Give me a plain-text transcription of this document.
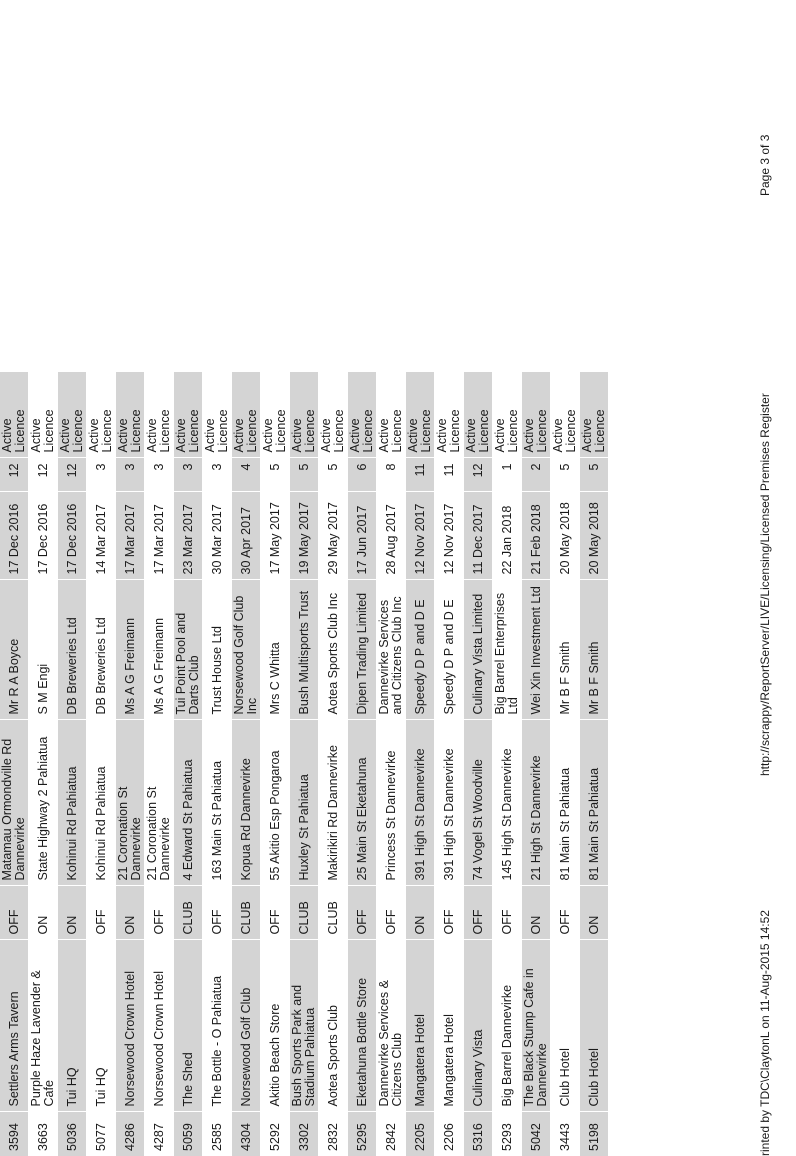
3594	Settlers Arms Tavern	OFF	Matamau Ormondville Rd Dannevirke	Mr R A Boyce	17 Dec 2016	12	Active Licence
3663	Purple Haze Lavender & Cafe	ON	State Highway 2 Pahiatua	S M Engi	17 Dec 2016	12	Active Licence
5036	Tui HQ	ON	Kohinui Rd Pahiatua	DB Breweries Ltd	17 Dec 2016	12	Active Licence
5077	Tui HQ	OFF	Kohinui Rd Pahiatua	DB Breweries Ltd	14 Mar 2017	3	Active Licence
4286	Norsewood Crown Hotel	ON	21 Coronation St Dannevirke	Ms A G Freimann	17 Mar 2017	3	Active Licence
4287	Norsewood Crown Hotel	OFF	21 Coronation St Dannevirke	Ms A G Freimann	17 Mar 2017	3	Active Licence
5059	The Shed	CLUB	4 Edward St Pahiatua	Tui Point Pool and Darts Club	23 Mar 2017	3	Active Licence
2585	The Bottle - O Pahiatua	OFF	163 Main St Pahiatua	Trust House Ltd	30 Mar 2017	3	Active Licence
4304	Norsewood Golf Club	CLUB	Kopua Rd Dannevirke	Norsewood Golf Club Inc	30 Apr 2017	4	Active Licence
5292	Akitio Beach Store	OFF	55 Akitio Esp Pongaroa	Mrs C Whitta	17 May 2017	5	Active Licence
3302	Bush Sports Park and Stadium Pahiatua	CLUB	Huxley St Pahiatua	Bush Multisports Trust	19 May 2017	5	Active Licence
2832	Aotea Sports Club	CLUB	Makirikiri Rd Dannevirke	Aotea Sports Club Inc	29 May 2017	5	Active Licence
5295	Eketahuna Bottle Store	OFF	25 Main St Eketahuna	Dipen Trading Limited	17 Jun 2017	6	Active Licence
2842	Dannevirke Services & Citizens Club	OFF	Princess St Dannevirke	Dannevirke Services and Citizens Club Inc	28 Aug 2017	8	Active Licence
2205	Mangatera Hotel	ON	391 High St Dannevirke	Speedy D P and D E	12 Nov 2017	11	Active Licence
2206	Mangatera Hotel	OFF	391 High St Dannevirke	Speedy D P and D E	12 Nov 2017	11	Active Licence
5316	Culinary Vista	OFF	74 Vogel St Woodville	Culinary Vista Limited	11 Dec 2017	12	Active Licence
5293	Big Barrel Dannevirke	OFF	145 High St Dannevirke	Big Barrel Enterprises Ltd	22 Jan 2018	1	Active Licence
5042	The Black Stump Cafe in Dannevirke	ON	21 High St Dannevirke	Wei Xin Investment Ltd	21 Feb 2018	2	Active Licence
3443	Club Hotel	OFF	81 Main St Pahiatua	Mr B F Smith	20 May 2018	5	Active Licence
5198	Club Hotel	ON	81 Main St Pahiatua	Mr B F Smith	20 May 2018	5	Active Licence
rinted by TDC\ClaytonL on 11-Aug-2015 14:52
http://scrappy/ReportServer/LIVE/Licensing/Licensed Premises Register
Page 3 of 3
